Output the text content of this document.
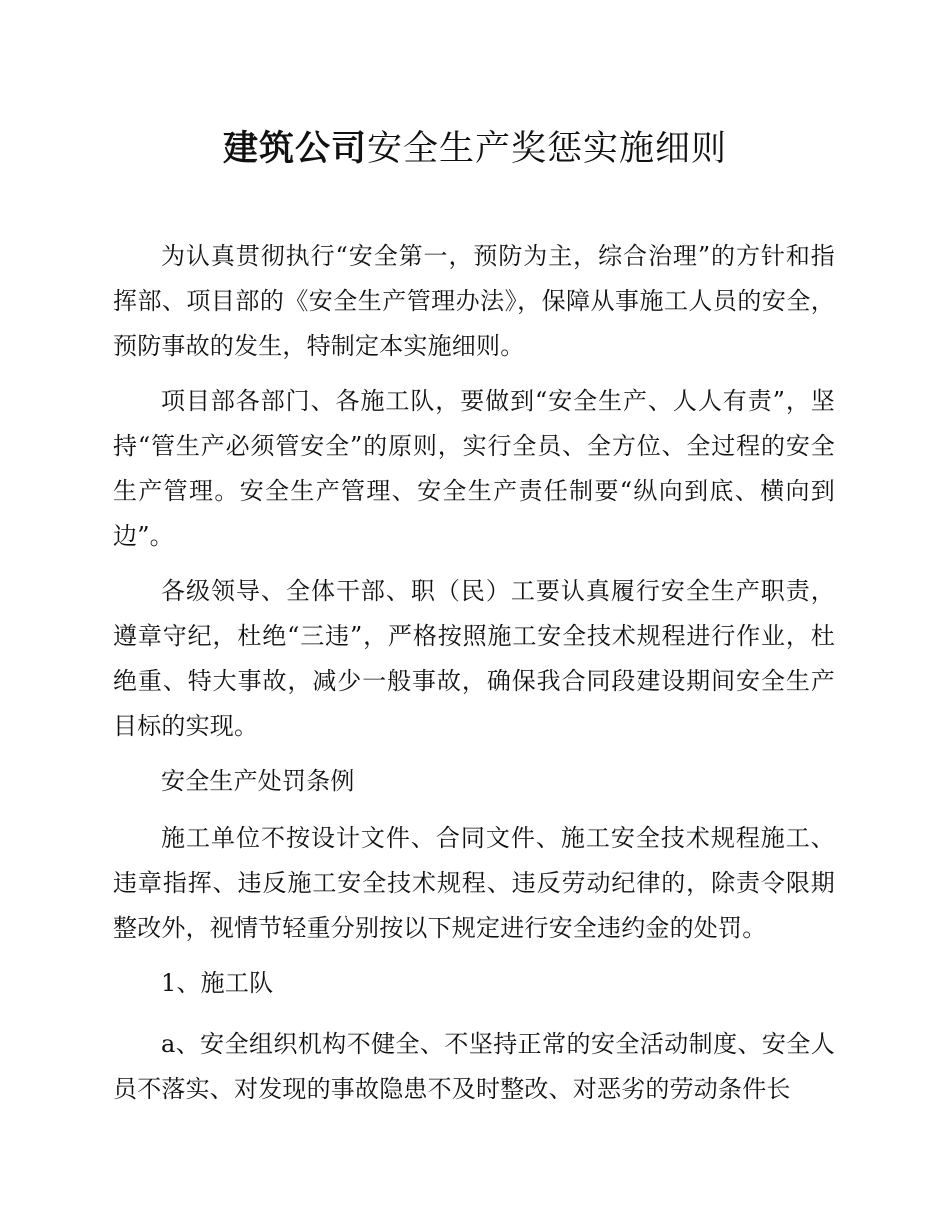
建筑公司安全生产奖惩实施细则

为认真贯彻执行“安全第一，预防为主，综合治理”的方针和指挥部、项目部的《安全生产管理办法》，保障从事施工人员的安全，预防事故的发生，特制定本实施细则。

项目部各部门、各施工队，要做到“安全生产、人人有责”，坚持“管生产必须管安全”的原则，实行全员、全方位、全过程的安全生产管理。安全生产管理、安全生产责任制要“纵向到底、横向到边”。

各级领导、全体干部、职（民）工要认真履行安全生产职责，遵章守纪，杜绝“三违”，严格按照施工安全技术规程进行作业，杜绝重、特大事故，减少一般事故，确保我合同段建设期间安全生产目标的实现。

安全生产处罚条例

施工单位不按设计文件、合同文件、施工安全技术规程施工、违章指挥、违反施工安全技术规程、违反劳动纪律的，除责令限期整改外，视情节轻重分别按以下规定进行安全违约金的处罚。

1、施工队

a、安全组织机构不健全、不坚持正常的安全活动制度、安全人员不落实、对发现的事故隐患不及时整改、对恶劣的劳动条件长
